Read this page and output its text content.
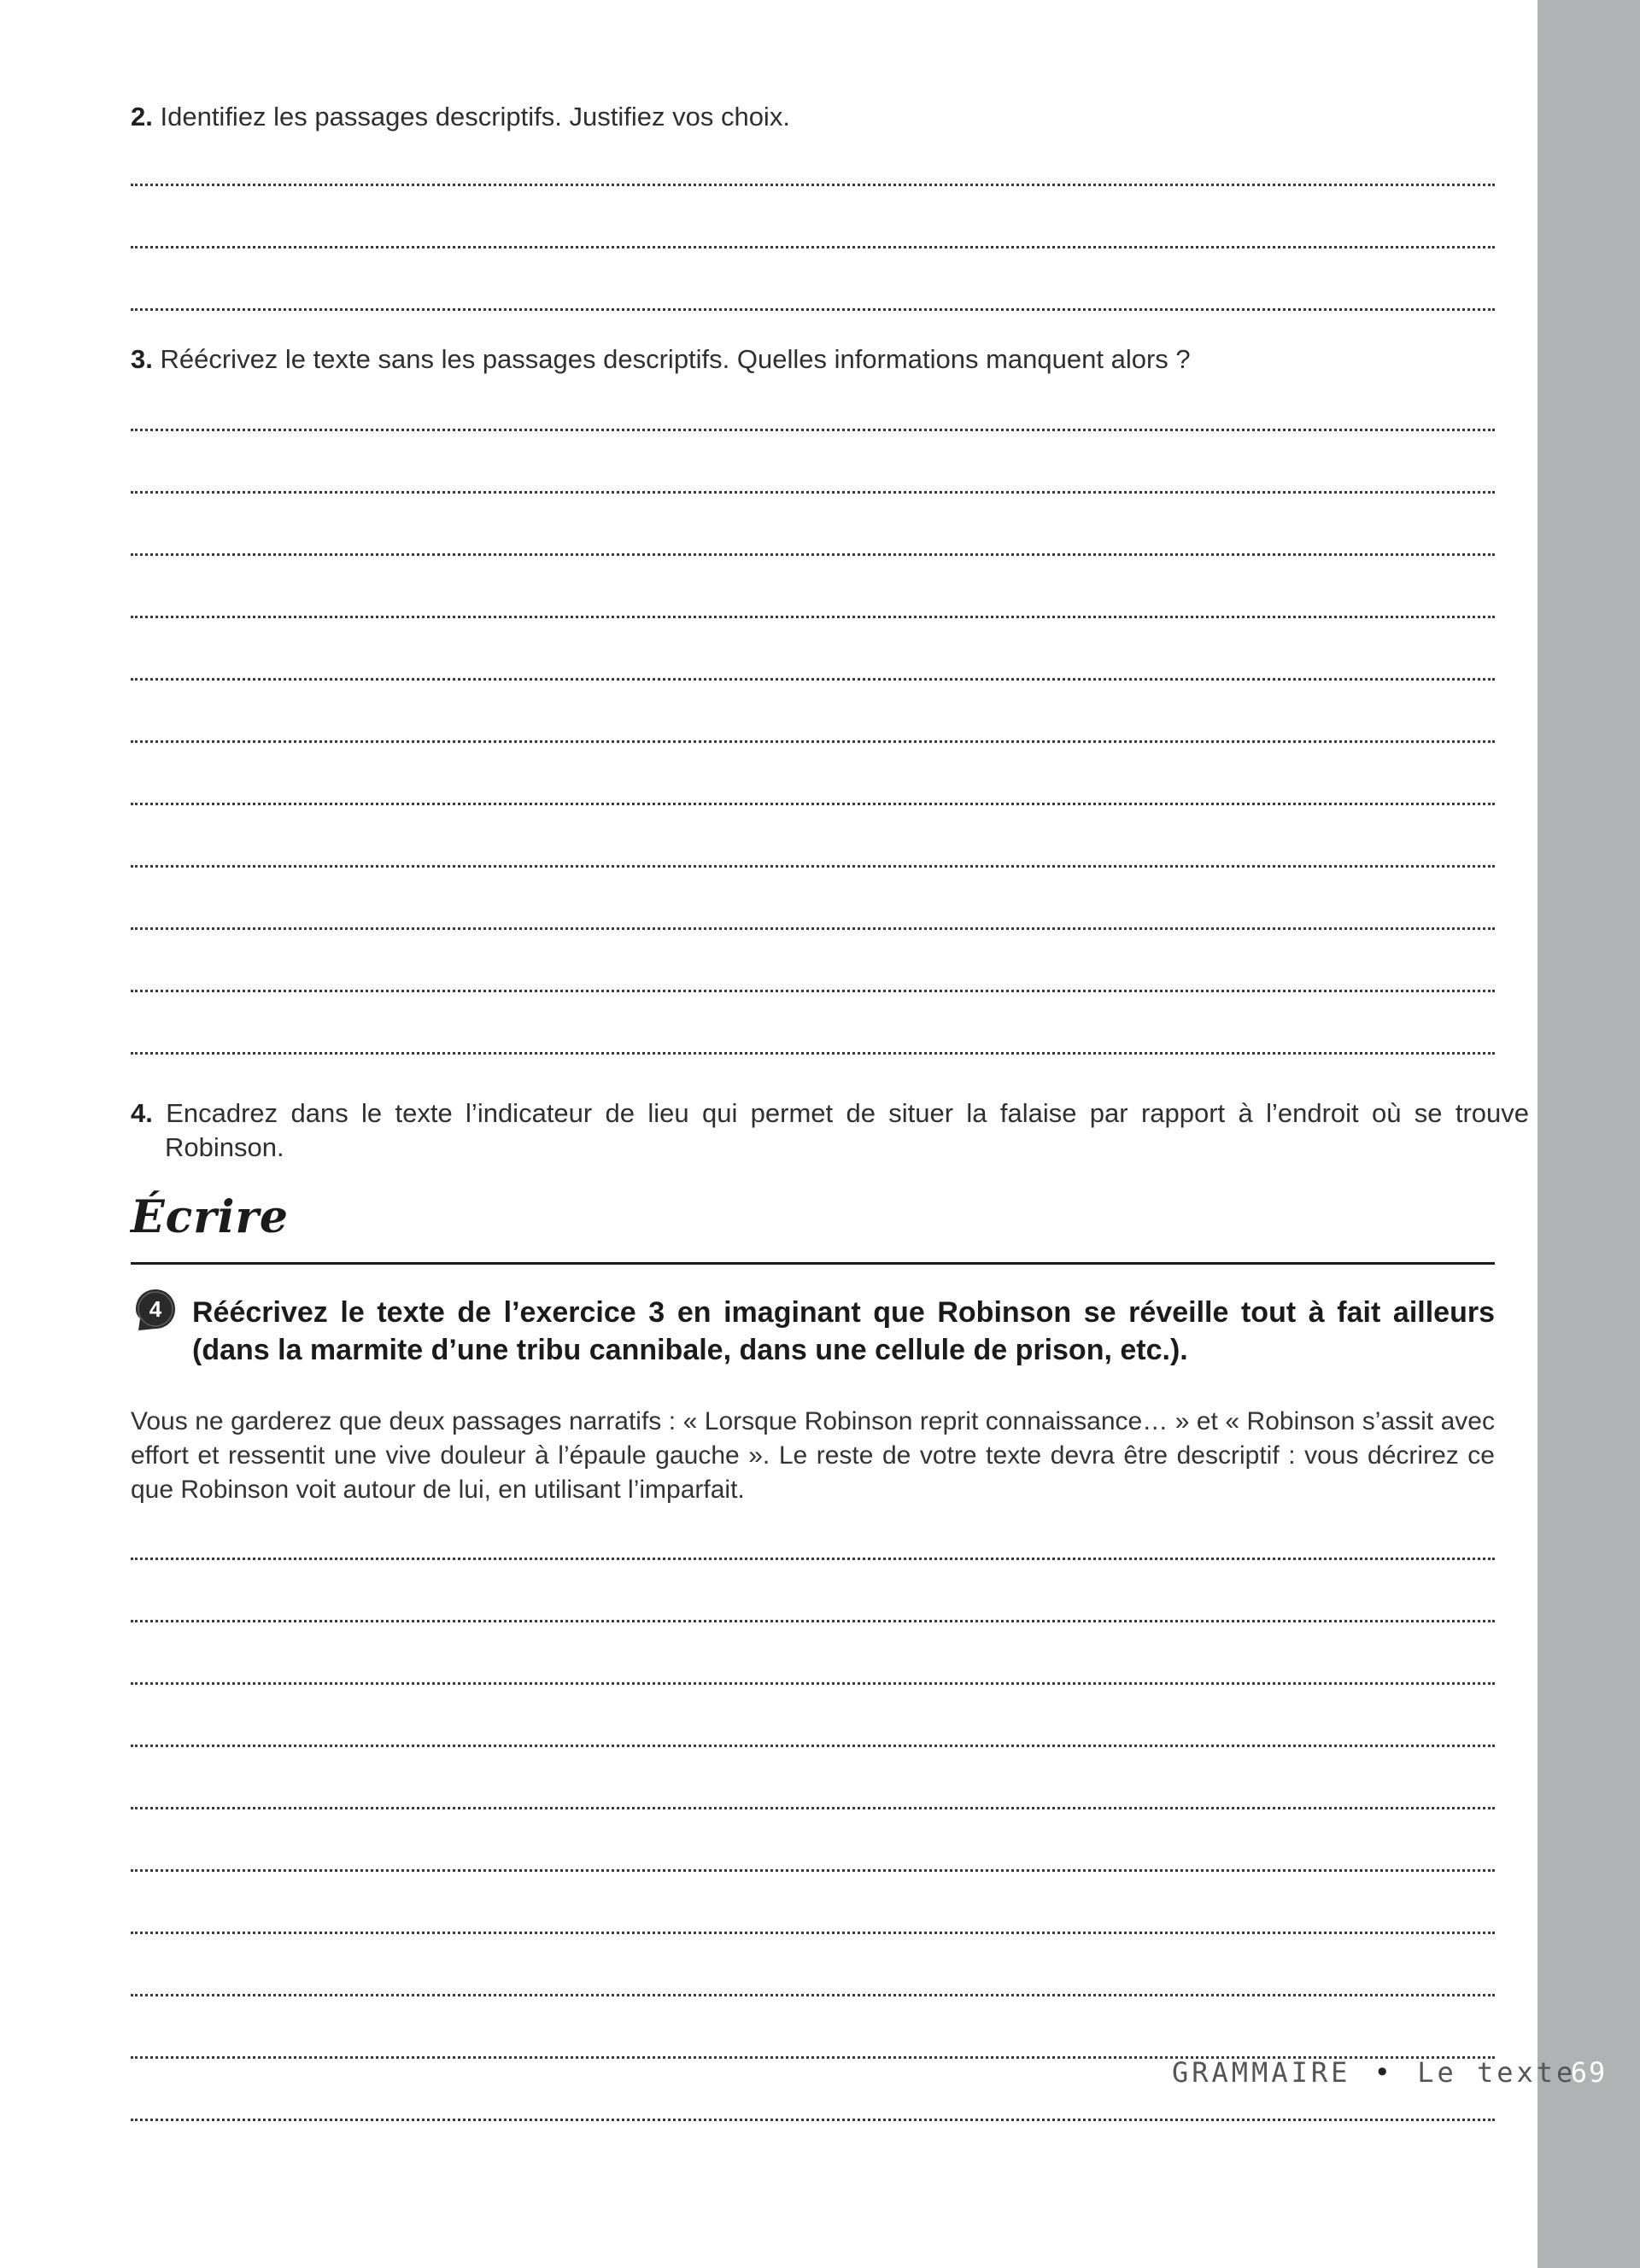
2. Identifiez les passages descriptifs. Justifiez vos choix.
3. Réécrivez le texte sans les passages descriptifs. Quelles informations manquent alors ?
4. Encadrez dans le texte l’indicateur de lieu qui permet de situer la falaise par rapport à l’endroit où se trouve Robinson.
Écrire
4 Réécrivez le texte de l’exercice 3 en imaginant que Robinson se réveille tout à fait ailleurs (dans la marmite d’une tribu cannibale, dans une cellule de prison, etc.).
Vous ne garderez que deux passages narratifs : « Lorsque Robinson reprit connaissance… » et « Robinson s’assit avec effort et ressentit une vive douleur à l’épaule gauche ». Le reste de votre texte devra être descriptif : vous décrirez ce que Robinson voit autour de lui, en utilisant l’imparfait.
GRAMMAIRE • Le texte
69
